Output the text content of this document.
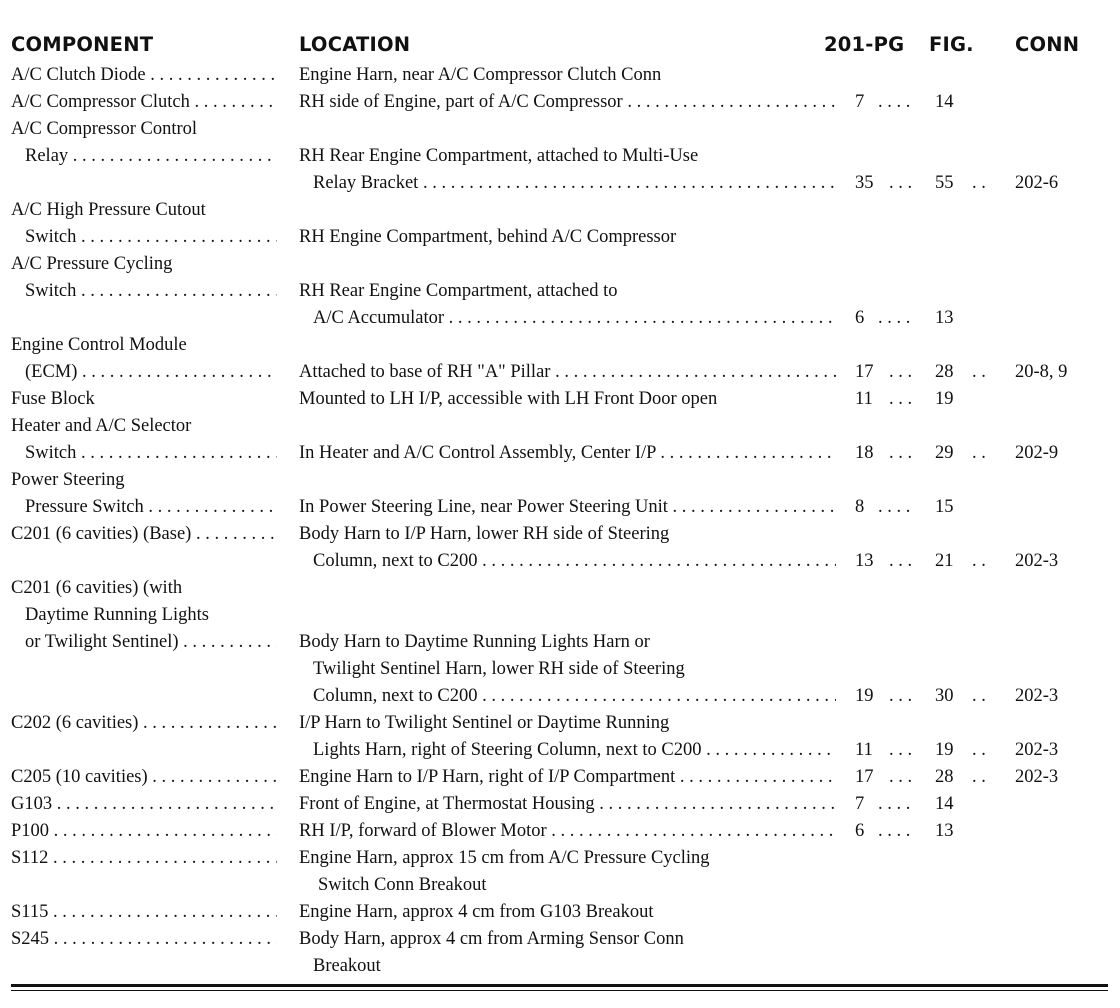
COMPONENT	LOCATION	201-PG FIG. CONN
A/C Clutch Diode . . .	Engine Harn, near A/C Compressor Clutch Conn
A/C Compressor Clutch . . .	RH side of Engine, part of A/C Compressor . . .	7 . . . .	14
A/C Compressor Control
Relay . . .	RH Rear Engine Compartment, attached to Multi-Use
Relay Bracket . . .	35 . . .	55	. .	202-6
A/C High Pressure Cutout
Switch . . .	RH Engine Compartment, behind A/C Compressor
A/C Pressure Cycling
Switch . . .	RH Rear Engine Compartment, attached to
A/C Accumulator . . .	6 . . . .	13
Engine Control Module
(ECM) . . .	Attached to base of RH "A" Pillar . . .	17 . . .	28	. .	20-8, 9
Fuse Block	Mounted to LH I/P, accessible with LH Front Door open	11 . . .	19
Heater and A/C Selector
Switch . . .	In Heater and A/C Control Assembly, Center I/P . . .	18 . . .	29	. .	202-9
Power Steering
Pressure Switch . . .	In Power Steering Line, near Power Steering Unit . . .	8 . . . .	15
C201 (6 cavities) (Base) . . .	Body Harn to I/P Harn, lower RH side of Steering
Column, next to C200 . . .	13 . . .	21	. .	202-3
C201 (6 cavities) (with
Daytime Running Lights
or Twilight Sentinel) . . .	Body Harn to Daytime Running Lights Harn or
Twilight Sentinel Harn, lower RH side of Steering
Column, next to C200 . . .	19 . . .	30	. .	202-3
C202 (6 cavities) . . .	I/P Harn to Twilight Sentinel or Daytime Running
Lights Harn, right of Steering Column, next to C200 . . .	11 . . .	19	. .	202-3
C205 (10 cavities) . . .	Engine Harn to I/P Harn, right of I/P Compartment . . .	17 . . .	28	. .	202-3
G103 . . .	Front of Engine, at Thermostat Housing . . .	7 . . . .	14
P100 . . .	RH I/P, forward of Blower Motor . . .	6 . . . .	13
S112 . . .	Engine Harn, approx 15 cm from A/C Pressure Cycling
Switch Conn Breakout
S115 . . .	Engine Harn, approx 4 cm from G103 Breakout
S245 . . .	Body Harn, approx 4 cm from Arming Sensor Conn
Breakout
